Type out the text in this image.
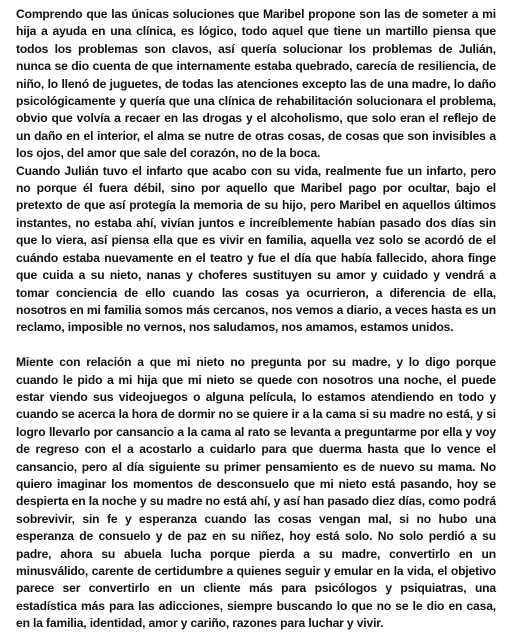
Comprendo que las únicas soluciones que Maribel propone son las de someter a mi hija a ayuda en una clínica, es lógico, todo aquel que tiene un martillo piensa que todos los problemas son clavos, así quería solucionar los problemas de Julián, nunca se dio cuenta de que internamente estaba quebrado, carecía de resiliencia, de niño, lo llenó de juguetes, de todas las atenciones excepto las de una madre, lo daño psicológicamente y quería que una clínica de rehabilitación solucionara el problema, obvio que volvía a recaer en las drogas y el alcoholismo, que solo eran el reflejo de un daño en el interior, el alma se nutre de otras cosas, de cosas que son invisibles a los ojos, del amor que sale del corazón, no de la boca.

Cuando Julián tuvo el infarto que acabo con su vida, realmente fue un infarto, pero no porque él fuera débil, sino por aquello que Maribel pago por ocultar, bajo el pretexto de que así protegía la memoria de su hijo, pero Maribel en aquellos últimos instantes, no estaba ahí, vivían juntos e increíblemente habían pasado dos días sin que lo viera, así piensa ella que es vivir en familia, aquella vez solo se acordó de el cuándo estaba nuevamente en el teatro y fue el día que había fallecido, ahora finge que cuida a su nieto, nanas y choferes sustituyen su amor y cuidado y vendrá a tomar conciencia de ello cuando las cosas ya ocurrieron, a diferencia de ella, nosotros en mi familia somos más cercanos, nos vemos a diario, a veces hasta es un reclamo, imposible no vernos, nos saludamos, nos amamos, estamos unidos.

Miente con relación a que mi nieto no pregunta por su madre, y lo digo porque cuando le pido a mi hija que mi nieto se quede con nosotros una noche, el puede estar viendo sus videojuegos o alguna película, lo estamos atendiendo en todo y cuando se acerca la hora de dormir no se quiere ir a la cama si su madre no está, y si logro llevarlo por cansancio a la cama al rato se levanta a preguntarme por ella y voy de regreso con el a acostarlo a cuidarlo para que duerma hasta que lo vence el cansancio, pero al día siguiente su primer pensamiento es de nuevo su mama. No quiero imaginar los momentos de desconsuelo que mi nieto está pasando, hoy se despierta en la noche y su madre no está ahí, y así han pasado diez días, como podrá sobrevivir, sin fe y esperanza cuando las cosas vengan mal, si no hubo una esperanza de consuelo y de paz en su niñez, hoy está solo. No solo perdió a su padre, ahora su abuela lucha porque pierda a su madre, convertirlo en un minusválido, carente de certidumbre a quienes seguir y emular en la vida, el objetivo parece ser convertirlo en un cliente más para psicólogos y psiquiatras, una estadística más para las adicciones, siempre buscando lo que no se le dio en casa, en la familia, identidad, amor y cariño, razones para luchar y vivir.
